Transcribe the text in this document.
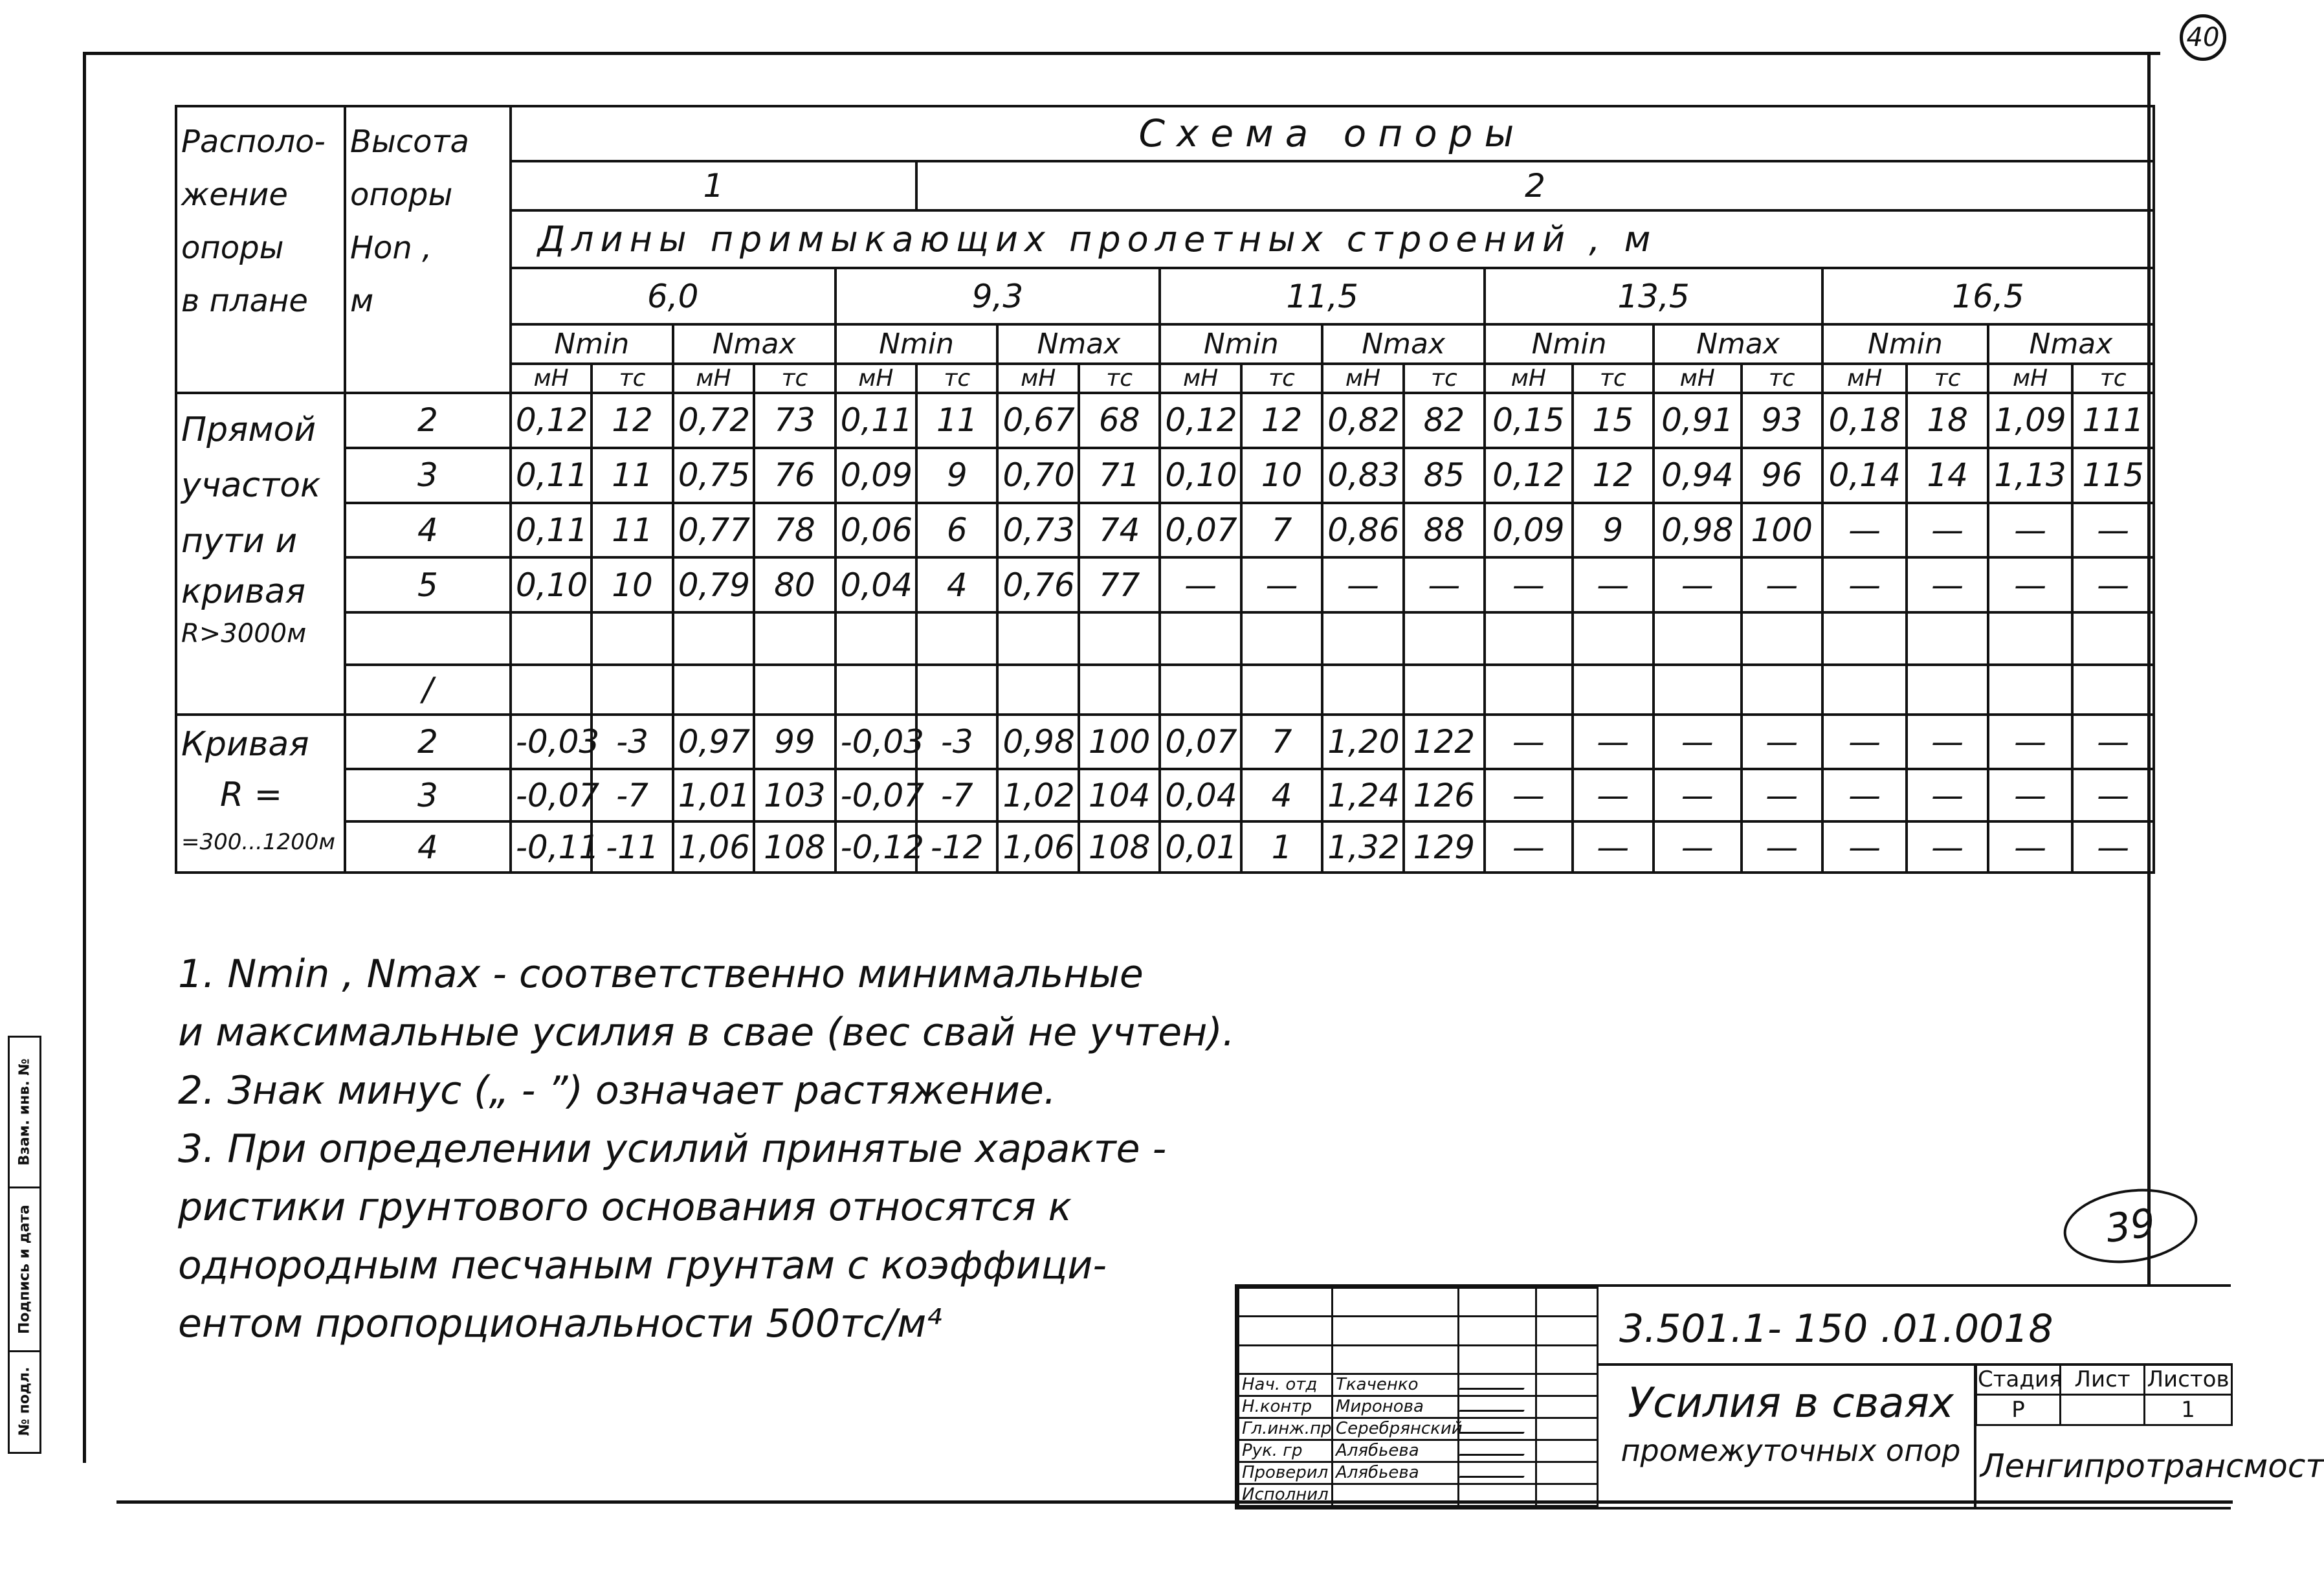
40
Располо-
жение
опоры
в плане	Высота
опоры
Нon ,
м	Схема опоры																			
		1					2														
		Длины примыкающих пролетных строений , м																			
		6,0				9,3				11,5				13,5				16,5			
		Nmin		Nmax		Nmin		Nmax		Nmin		Nmax		Nmin		Nmax		Nmin		Nmax	
		мН	тс	мН	тс	мН	тс	мН	тс	мН	тс	мН	тс	мН	тс	мН	тс	мН	тс	мН	тс

Прямой
участок
пути и
кривая
R>3000м	2	0,12	12	0,72	73	0,11	11	0,67	68	0,12	12	0,82	82	0,15	15	0,91	93	0,18	18	1,09	111
	3	0,11	11	0,75	76	0,09	9	0,70	71	0,10	10	0,83	85	0,12	12	0,94	96	0,14	14	1,13	115
	4	0,11	11	0,77	78	0,06	6	0,73	74	0,07	7	0,86	88	0,09	9	0,98	100	—	—	—	—
	5	0,10	10	0,79	80	0,04	4	0,76	77	—	—	—	—	—	—	—	—	—	—	—	—

	/																				

Кривая
R =
=300...1200м	2	-0,03	-3	0,97	99	-0,03	-3	0,98	100	0,07	7	1,20	122	—	—	—	—	—	—	—	—
	3	-0,07	-7	1,01	103	-0,07	-7	1,02	104	0,04	4	1,24	126	—	—	—	—	—	—	—	—
	4	-0,11	-11	1,06	108	-0,12	-12	1,06	108	0,01	1	1,32	129	—	—	—	—	—	—	—	—
1. Nmin , Nmax - соответственно минимальные
и максимальные усилия в свае (вес свай не учтен).
2. Знак минус („ - ”) означает растяжение.
3. При определении усилий принятые характе -
ристики грунтового основания относятся к
однородным песчаным грунтам с коэффици-
ентом пропорциональности 500тс/м⁴
39

Нач. отд	Ткаченко		
Н.контр	Миронова		
Гл.инж.пр	Серебрянский		
Рук. гр	Алябьева		
Проверил	Алябьева		
Исполнил			
3.501.1- 150 .01.0018
Усилия в сваях
промежуточных опор
Стадия	Лист	Листов
Р		1
Ленгипротрансмост
Взам. инв. №
Подпись и дата
№ подл.
